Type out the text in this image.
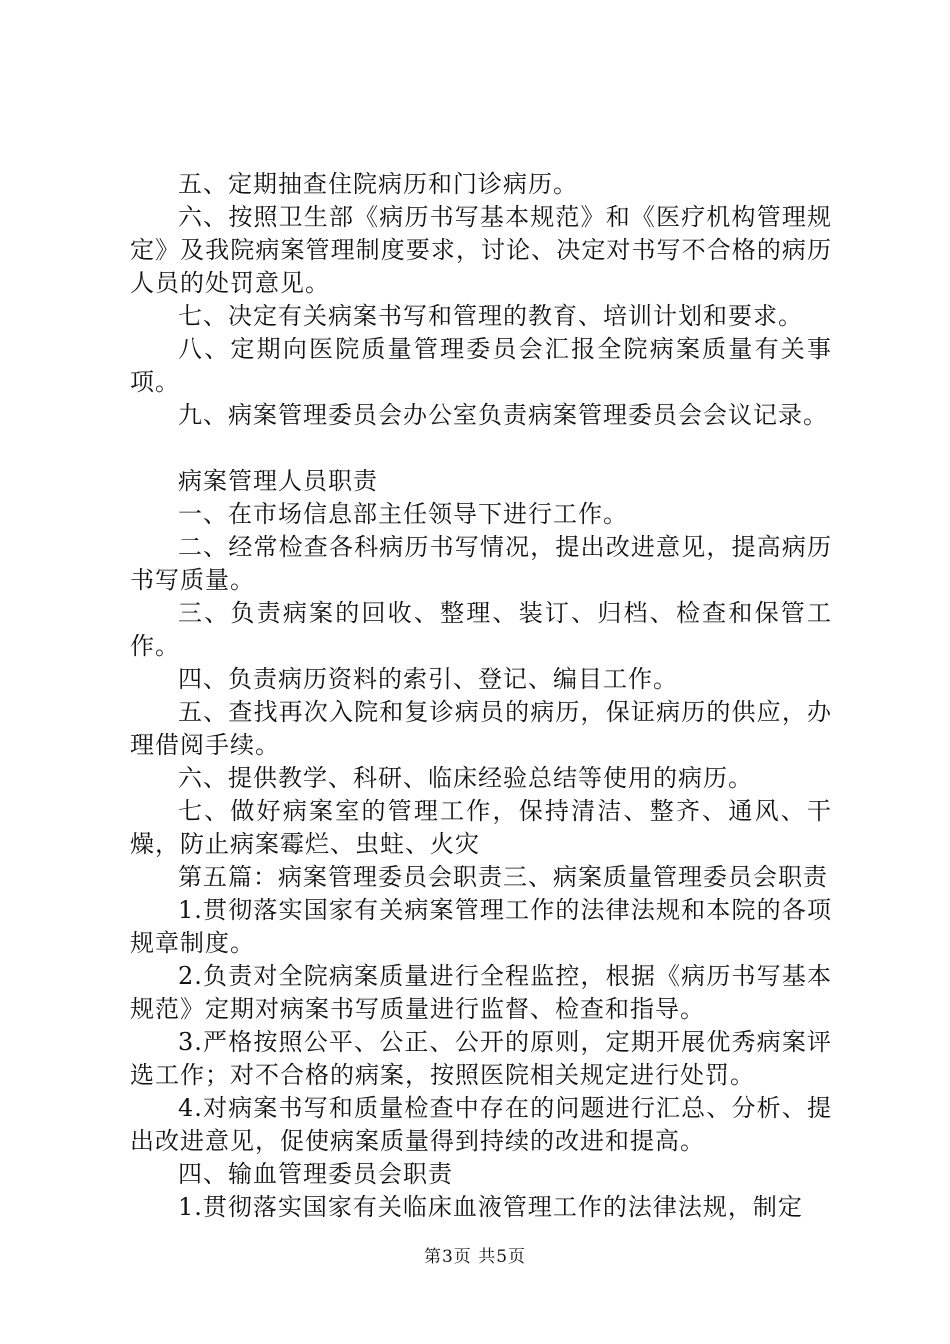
五、定期抽查住院病历和门诊病历。

六、按照卫生部《病历书写基本规范》和《医疗机构管理规定》及我院病案管理制度要求，讨论、决定对书写不合格的病历人员的处罚意见。

七、决定有关病案书写和管理的教育、培训计划和要求。

八、定期向医院质量管理委员会汇报全院病案质量有关事项。

九、病案管理委员会办公室负责病案管理委员会会议记录。

病案管理人员职责

一、在市场信息部主任领导下进行工作。

二、经常检查各科病历书写情况，提出改进意见，提高病历书写质量。

三、负责病案的回收、整理、装订、归档、检查和保管工作。

四、负责病历资料的索引、登记、编目工作。

五、查找再次入院和复诊病员的病历，保证病历的供应，办理借阅手续。

六、提供教学、科研、临床经验总结等使用的病历。

七、做好病案室的管理工作，保持清洁、整齐、通风、干燥，防止病案霉烂、虫蛀、火灾

第五篇：病案管理委员会职责三、病案质量管理委员会职责

1.贯彻落实国家有关病案管理工作的法律法规和本院的各项规章制度。

2.负责对全院病案质量进行全程监控，根据《病历书写基本规范》定期对病案书写质量进行监督、检查和指导。

3.严格按照公平、公正、公开的原则，定期开展优秀病案评选工作；对不合格的病案，按照医院相关规定进行处罚。

4.对病案书写和质量检查中存在的问题进行汇总、分析、提出改进意见，促使病案质量得到持续的改进和提高。

四、输血管理委员会职责

1.贯彻落实国家有关临床血液管理工作的法律法规，制定

第3页 共5页
